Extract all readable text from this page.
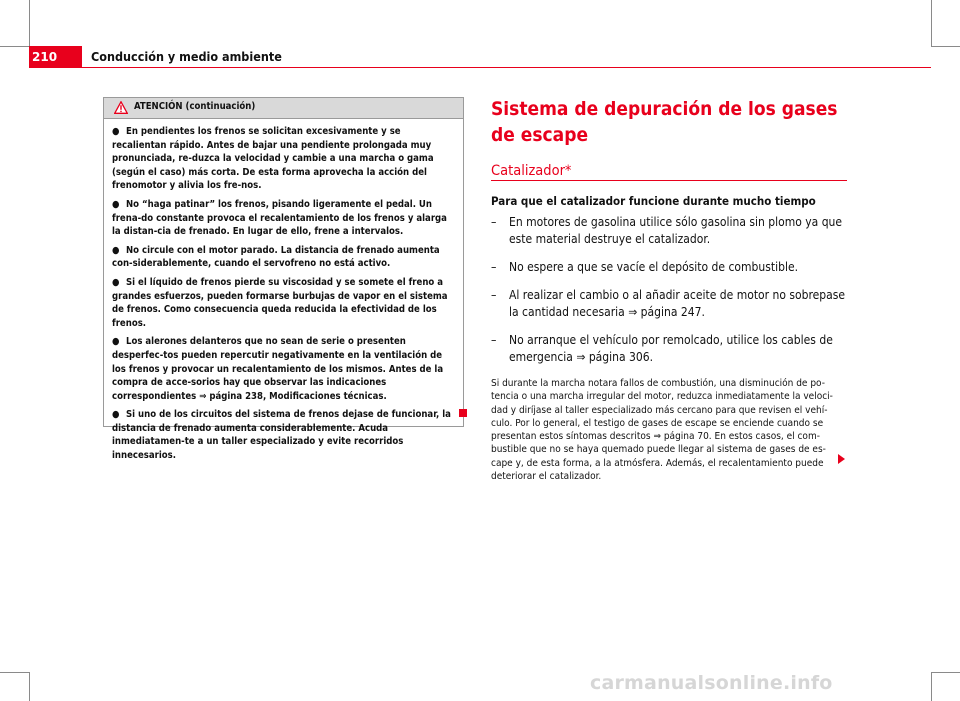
210	Conducción y medio ambiente
ATENCIÓN (continuación)

● En pendientes los frenos se solicitan excesivamente y se recalientan rápido. Antes de bajar una pendiente prolongada muy pronunciada, re-duzca la velocidad y cambie a una marcha o gama (según el caso) más corta. De esta forma aprovecha la acción del frenomotor y alivia los fre-nos.

● No “haga patinar” los frenos, pisando ligeramente el pedal. Un frena-do constante provoca el recalentamiento de los frenos y alarga la distan-cia de frenado. En lugar de ello, frene a intervalos.

● No circule con el motor parado. La distancia de frenado aumenta con-siderablemente, cuando el servofreno no está activo.

● Si el líquido de frenos pierde su viscosidad y se somete el freno a grandes esfuerzos, pueden formarse burbujas de vapor en el sistema de frenos. Como consecuencia queda reducida la efectividad de los frenos.

● Los alerones delanteros que no sean de serie o presenten desperfec-tos pueden repercutir negativamente en la ventilación de los frenos y provocar un recalentamiento de los mismos. Antes de la compra de acce-sorios hay que observar las indicaciones correspondientes ⇒ página 238, Modificaciones técnicas.

● Si uno de los circuitos del sistema de frenos dejase de funcionar, la distancia de frenado aumenta considerablemente. Acuda inmediatamen-te a un taller especializado y evite recorridos innecesarios.

Sistema de depuración de los gases de escape
Catalizador*

Para que el catalizador funcione durante mucho tiempo

– En motores de gasolina utilice sólo gasolina sin plomo ya que este material destruye el catalizador.
– No espere a que se vacíe el depósito de combustible.
– Al realizar el cambio o al añadir aceite de motor no sobrepase la cantidad necesaria ⇒ página 247.
– No arranque el vehículo por remolcado, utilice los cables de emergencia ⇒ página 306.

Si durante la marcha notara fallos de combustión, una disminución de po-tencia o una marcha irregular del motor, reduzca inmediatamente la veloci-dad y diríjase al taller especializado más cercano para que revisen el vehí-culo. Por lo general, el testigo de gases de escape se enciende cuando se presentan estos síntomas descritos ⇒ página 70. En estos casos, el com-bustible que no se haya quemado puede llegar al sistema de gases de es-cape y, de esta forma, a la atmósfera. Además, el recalentamiento puede deteriorar el catalizador.

carmanualsonline.info
